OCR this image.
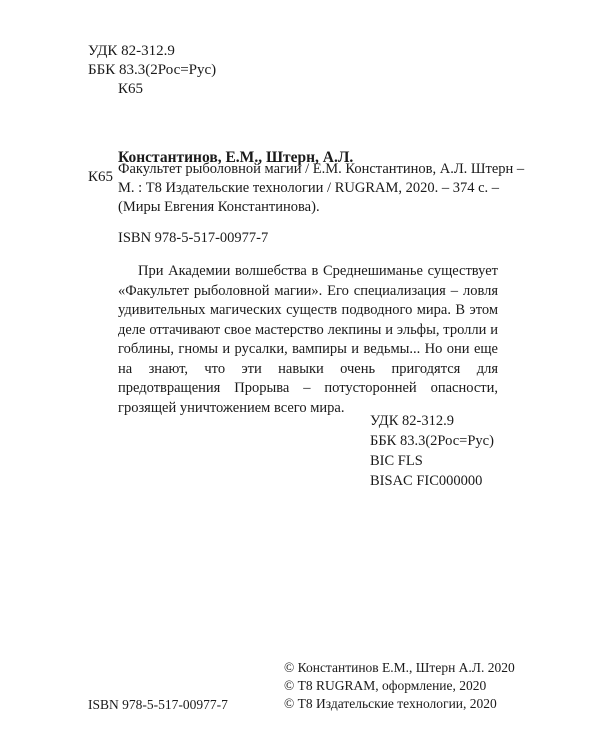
УДК 82-312.9
ББК 83.3(2Рос=Рус)
К65
Константинов, Е.М., Штерн, А.Л.
К65 Факультет рыболовной магии / Е.М. Константинов, А.Л. Штерн –
М. : Т8 Издательские технологии / RUGRAM, 2020. – 374 с. –
(Миры Евгения Константинова).
ISBN 978-5-517-00977-7
При Академии волшебства в Среднешиманье существует «Факультет рыболовной магии». Его специализация – ловля удивительных магических существ подводного мира. В этом деле оттачивают свое мастерство лекпины и эльфы, тролли и гоблины, гномы и русалки, вампиры и ведьмы... Но они еще на знают, что эти навыки очень пригодятся для предотвращения Прорыва – потусторонней опасности, грозящей уничтожением всего мира.
УДК 82-312.9
ББК 83.3(2Рос=Рус)
BIC FLS
BISAC FIC000000
© Константинов Е.М., Штерн А.Л. 2020
© Т8 RUGRAM, оформление, 2020
© Т8 Издательские технологии, 2020
ISBN 978-5-517-00977-7
